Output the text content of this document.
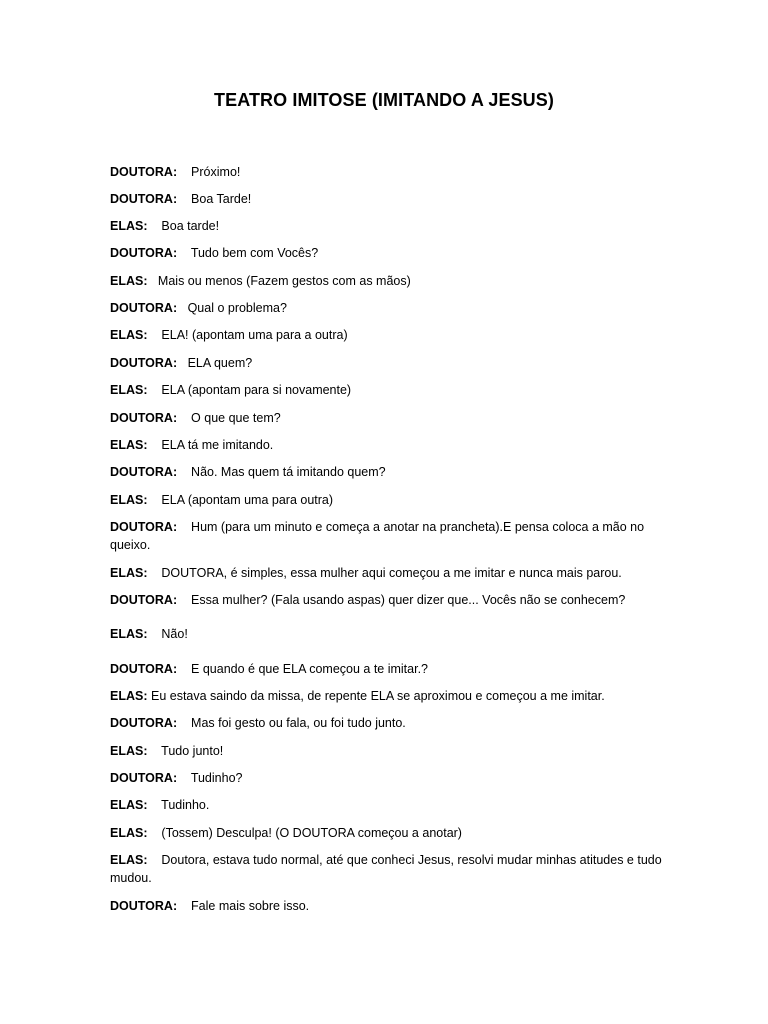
TEATRO IMITOSE (IMITANDO A JESUS)
DOUTORA: Próximo!
DOUTORA: Boa Tarde!
ELAS: Boa tarde!
DOUTORA: Tudo bem com Vocês?
ELAS: Mais ou menos (Fazem gestos com as mãos)
DOUTORA: Qual o problema?
ELAS: ELA! (apontam uma para a outra)
DOUTORA: ELA quem?
ELAS: ELA (apontam para si novamente)
DOUTORA: O que que tem?
ELAS: ELA tá me imitando.
DOUTORA: Não. Mas quem tá imitando quem?
ELAS: ELA (apontam uma para outra)
DOUTORA: Hum (para um minuto e começa a anotar na prancheta).E pensa coloca a mão no queixo.
ELAS: DOUTORA, é simples, essa mulher aqui começou a me imitar e nunca mais parou.
DOUTORA: Essa mulher? (Fala usando aspas) quer dizer que... Vocês não se conhecem?
ELAS: Não!
DOUTORA: E quando é que ELA começou a te imitar.?
ELAS: Eu estava saindo da missa, de repente ELA se aproximou e começou a me imitar.
DOUTORA: Mas foi gesto ou fala, ou foi tudo junto.
ELAS: Tudo junto!
DOUTORA: Tudinho?
ELAS: Tudinho.
ELAS: (Tossem) Desculpa! (O DOUTORA começou a anotar)
ELAS: Doutora, estava tudo normal, até que conheci Jesus, resolvi mudar minhas atitudes e tudo mudou.
DOUTORA: Fale mais sobre isso.
